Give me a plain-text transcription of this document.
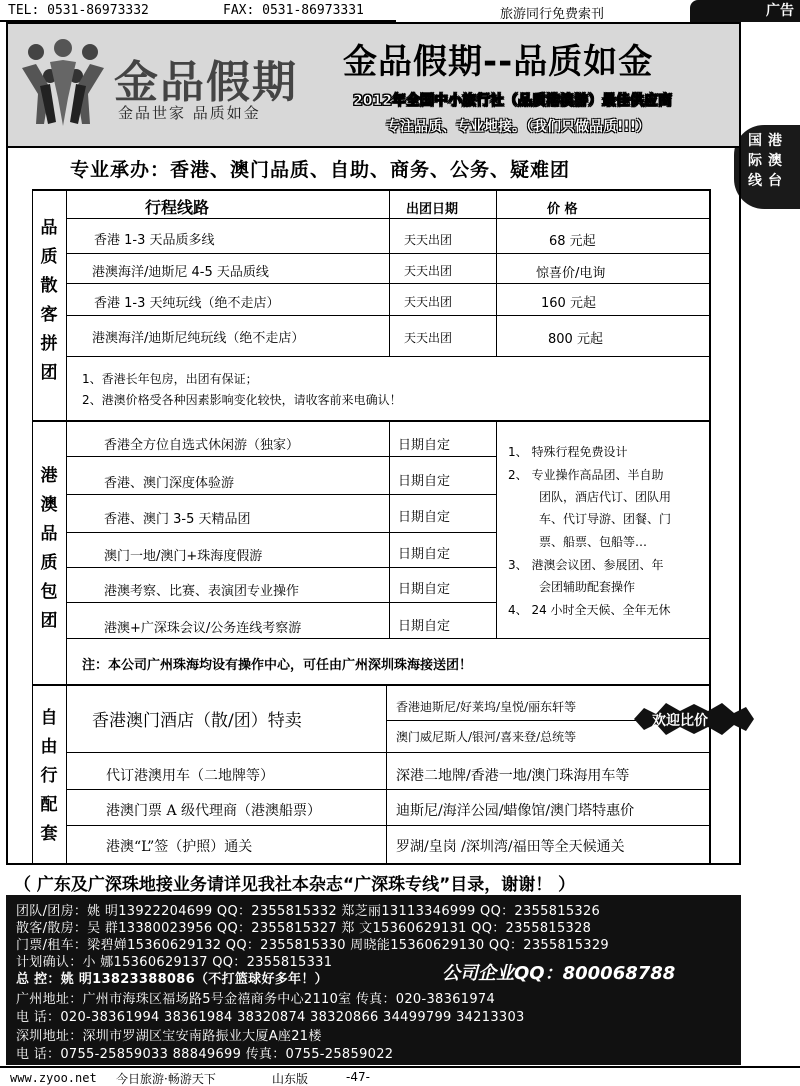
TEL: 0531-86973332	FAX: 0531-86973331	旅游同行免费索刊	广告
国际线
港澳台
金品假期
金品世家 品质如金
金品假期--品质如金
2012年全国中小旅行社（品质港澳游）最佳供应商
专注品质、专业地接。（我们只做品质!!!）
专业承办：香港、澳门品质、自助、商务、公务、疑难团
品质散客拼团
行程线路	出团日期	价 格
香港 1-3 天品质多线	天天出团	68 元起
港澳海洋/迪斯尼 4-5 天品质线	天天出团	惊喜价/电询
香港 1-3 天纯玩线（绝不走店）	天天出团	160 元起
港澳海洋/迪斯尼纯玩线（绝不走店）	天天出团	800 元起
1、香港长年包房，出团有保证；
2、港澳价格受各种因素影响变化较快，请收客前来电确认！
港澳品质包团
香港全方位自选式休闲游（独家）	日期自定
香港、澳门深度体验游	日期自定
香港、澳门 3-5 天精品团	日期自定
澳门一地/澳门+珠海度假游	日期自定
港澳考察、比赛、表演团专业操作	日期自定
港澳+广深珠会议/公务连线考察游	日期自定
1、 特殊行程免费设计
2、 专业操作高品团、半自助
团队，酒店代订、团队用
车、代订导游、团餐、门
票、船票、包船等…
3、 港澳会议团、参展团、年
会团辅助配套操作
4、 24 小时全天候、全年无休
注：本公司广州珠海均设有操作中心，可任由广州深圳珠海接送团！
自由行配套
香港澳门酒店（散/团）特卖
香港迪斯尼/好莱坞/皇悦/丽东轩等
澳门威尼斯人/银河/喜来登/总统等
欢迎比价
代订港澳用车（二地牌等）	深港二地牌/香港一地/澳门珠海用车等
港澳门票 A 级代理商（港澳船票）	迪斯尼/海洋公园/蜡像馆/澳门塔特惠价
港澳“L”签（护照）通关	罗湖/皇岗 /深圳湾/福田等全天候通关
（ 广东及广深珠地接业务请详见我社本杂志“广深珠专线”目录，谢谢！ ）
团队/团房：姚 明13922204699 QQ：2355815332 郑芝丽13113346999 QQ：2355815326
散客/散房：吴 群13380023956 QQ：2355815327 郑 文15360629131 QQ：2355815328
门票/租车：梁碧婵15360629132 QQ：2355815330 周晓能15360629130 QQ：2355815329
计划确认：小 娜15360629137 QQ：2355815331
总 控：姚 明13823388086（不打篮球好多年！）
广州地址：广州市海珠区福场路5号金禧商务中心2110室 传真：020-38361974
电 话：020-38361994 38361984 38320874 38320866 34499799 34213303
深圳地址：深圳市罗湖区宝安南路振业大厦A座21楼
电 话：0755-25859033 88849699 传真：0755-25859022
公司企业QQ：800068788
www.zyoo.net 今日旅游·畅游天下	山东版	-47-
